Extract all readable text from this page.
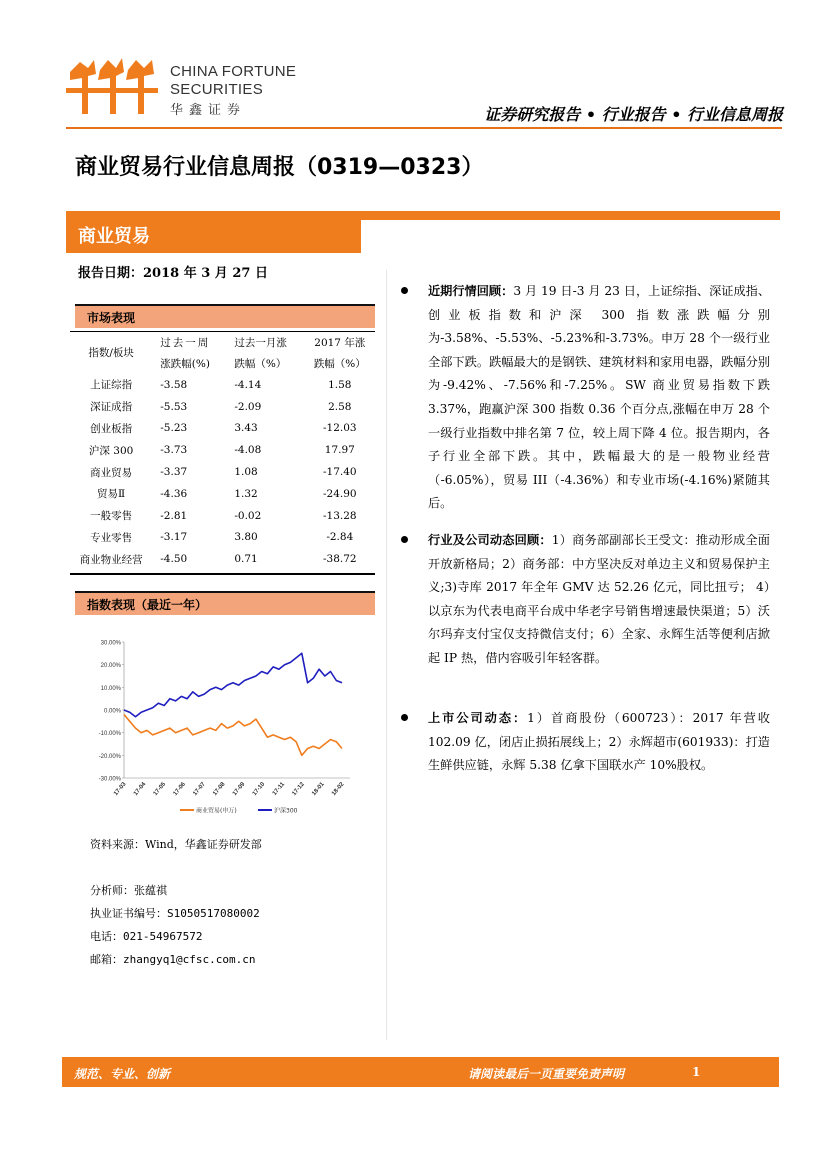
CHINA FORTUNE
SECURITIES
华鑫证券	证券研究报告 • 行业报告 • 行业信息周报
商业贸易行业信息周报（0319—0323）
商业贸易
报告日期：2018 年 3 月 27 日
市场表现
	过去一周	过去一月涨	2017 年涨
指数/板块	涨跌幅(%)	跌幅（%）	跌幅（%）
上证综指	-3.58	-4.14	1.58
深证成指	-5.53	-2.09	2.58
创业板指	-5.23	3.43	-12.03
沪深 300	-3.73	-4.08	17.97
商业贸易	-3.37	1.08	-17.40
贸易Ⅱ	-4.36	1.32	-24.90
一般零售	-2.81	-0.02	-13.28
专业零售	-3.17	3.80	-2.84
商业物业经营	-4.50	0.71	-38.72
指数表现（最近一年）
30.00%
20.00%
10.00%
0.00%
-10.00%
-20.00%
-30.00%
17-03 17-04 17-05 17-06 17-07 17-08 17-09 17-10 17-11 17-12 18-01 18-02
商业贸易(申万)	沪深300
资料来源：Wind，华鑫证券研发部
分析师：张蕴祺
执业证书编号：S1050517080002
电话：021-54967572
邮箱：zhangyq1@cfsc.com.cn
近期行情回顾：3 月 19 日-3 月 23 日，上证综指、深证成指、创业板指数和沪深 300 指数涨跌幅分别为-3.58%、-5.53%、-5.23%和-3.73%。申万 28 个一级行业全部下跌。跌幅最大的是钢铁、建筑材料和家用电器，跌幅分别为-9.42%、-7.56%和-7.25%。SW 商业贸易指数下跌 3.37%，跑赢沪深 300 指数 0.36 个百分点,涨幅在申万 28 个一级行业指数中排名第 7 位，较上周下降 4 位。报告期内，各子行业全部下跌。其中，跌幅最大的是一般物业经营（-6.05%），贸易 III（-4.36%）和专业市场(-4.16%)紧随其后。
行业及公司动态回顾：1）商务部副部长王受文：推动形成全面开放新格局；2）商务部：中方坚决反对单边主义和贸易保护主义;3)寺库 2017 年全年 GMV 达 52.26 亿元，同比扭亏； 4）以京东为代表电商平台成中华老字号销售增速最快渠道；5）沃尔玛弃支付宝仅支持微信支付；6）全家、永辉生活等便利店掀起 IP 热，借内容吸引年轻客群。
上市公司动态：1）首商股份（600723）：2017 年营收 102.09 亿，闭店止损拓展线上；2）永辉超市(601933)：打造生鲜供应链，永辉 5.38 亿拿下国联水产 10%股权。
规范、专业、创新	请阅读最后一页重要免责声明	1
